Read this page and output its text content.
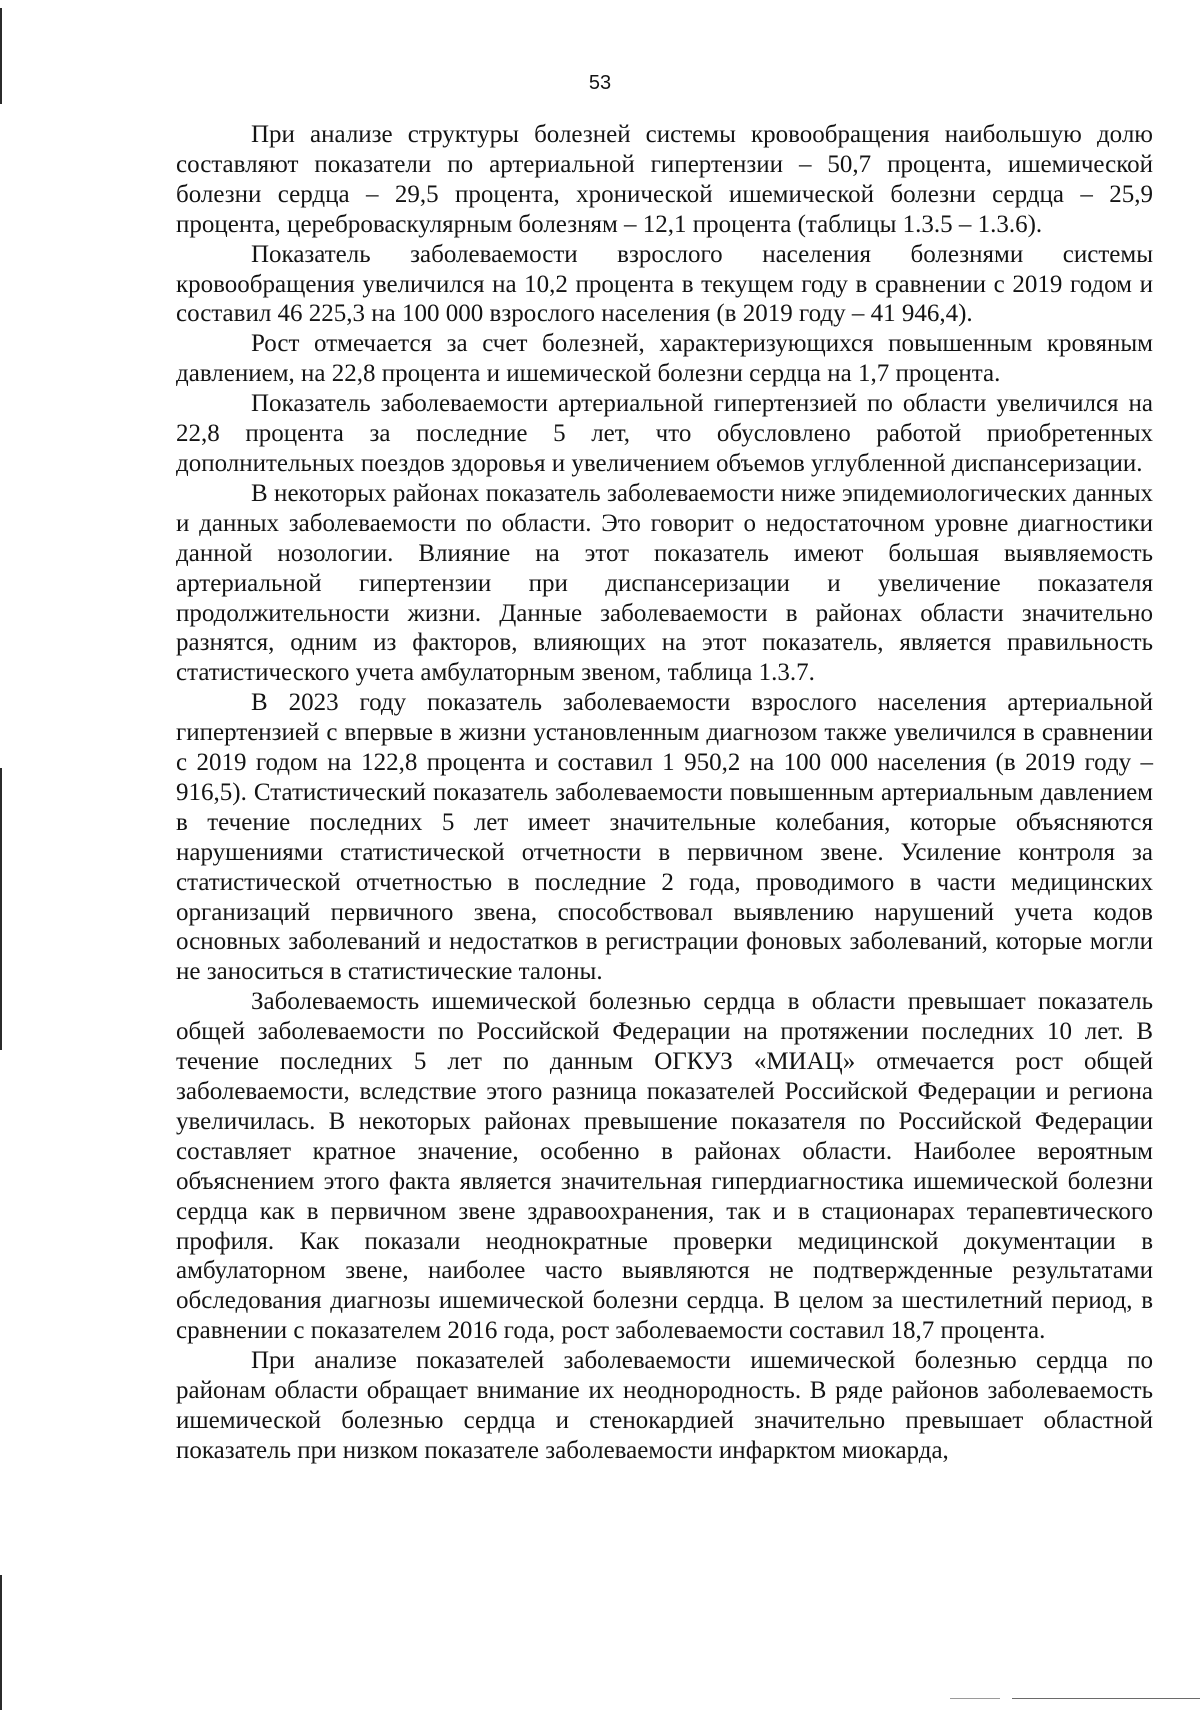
53

При анализе структуры болезней системы кровообращения наибольшую долю составляют показатели по артериальной гипертензии – 50,7 процента, ишемической болезни сердца – 29,5 процента, хронической ишемической болезни сердца – 25,9 процента, цереброваскулярным болезням – 12,1 процента (таблицы 1.3.5 – 1.3.6).

Показатель заболеваемости взрослого населения болезнями системы кровообращения увеличился на 10,2 процента в текущем году в сравнении с 2019 годом и составил 46 225,3 на 100 000 взрослого населения (в 2019 году – 41 946,4).

Рост отмечается за счет болезней, характеризующихся повышенным кровяным давлением, на 22,8 процента и ишемической болезни сердца на 1,7 процента.

Показатель заболеваемости артериальной гипертензией по области увеличился на 22,8 процента за последние 5 лет, что обусловлено работой приобретенных дополнительных поездов здоровья и увеличением объемов углубленной диспансеризации.

В некоторых районах показатель заболеваемости ниже эпидемиологических данных и данных заболеваемости по области. Это говорит о недостаточном уровне диагностики данной нозологии. Влияние на этот показатель имеют большая выявляемость артериальной гипертензии при диспансеризации и увеличение показателя продолжительности жизни. Данные заболеваемости в районах области значительно разнятся, одним из факторов, влияющих на этот показатель, является правильность статистического учета амбулаторным звеном, таблица 1.3.7.

В 2023 году показатель заболеваемости взрослого населения артериальной гипертензией с впервые в жизни установленным диагнозом также увеличился в сравнении с 2019 годом на 122,8 процента и составил 1 950,2 на 100 000 населения (в 2019 году – 916,5). Статистический показатель заболеваемости повышенным артериальным давлением в течение последних 5 лет имеет значительные колебания, которые объясняются нарушениями статистической отчетности в первичном звене. Усиление контроля за статистической отчетностью в последние 2 года, проводимого в части медицинских организаций первичного звена, способствовал выявлению нарушений учета кодов основных заболеваний и недостатков в регистрации фоновых заболеваний, которые могли не заноситься в статистические талоны.

Заболеваемость ишемической болезнью сердца в области превышает показатель общей заболеваемости по Российской Федерации на протяжении последних 10 лет. В течение последних 5 лет по данным ОГКУЗ «МИАЦ» отмечается рост общей заболеваемости, вследствие этого разница показателей Российской Федерации и региона увеличилась. В некоторых районах превышение показателя по Российской Федерации составляет кратное значение, особенно в районах области. Наиболее вероятным объяснением этого факта является значительная гипердиагностика ишемической болезни сердца как в первичном звене здравоохранения, так и в стационарах терапевтического профиля. Как показали неоднократные проверки медицинской документации в амбулаторном звене, наиболее часто выявляются не подтвержденные результатами обследования диагнозы ишемической болезни сердца. В целом за шестилетний период, в сравнении с показателем 2016 года, рост заболеваемости составил 18,7 процента.

При анализе показателей заболеваемости ишемической болезнью сердца по районам области обращает внимание их неоднородность. В ряде районов заболеваемость ишемической болезнью сердца и стенокардией значительно превышает областной показатель при низком показателе заболеваемости инфарктом миокарда,
